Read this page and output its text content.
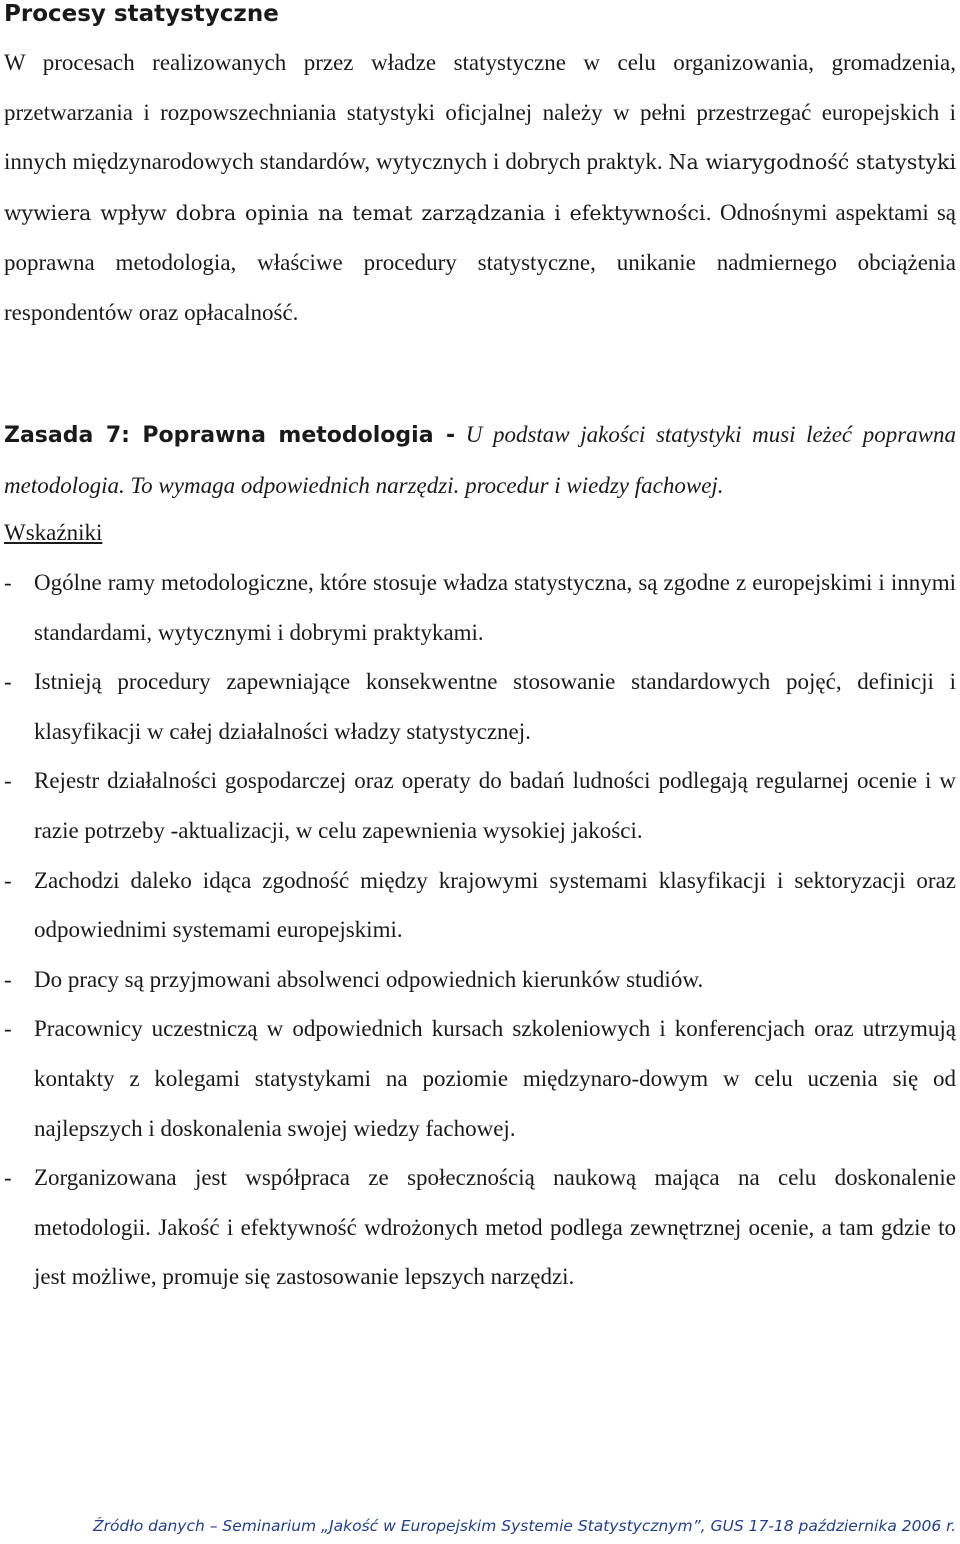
Procesy statystyczne

W procesach realizowanych przez władze statystyczne w celu organizowania, gromadzenia, przetwarzania i rozpowszechniania statystyki oficjalnej należy w pełni przestrzegać europejskich i innych międzynarodowych standardów, wytycznych i dobrych praktyk. Na wiarygodność statystyki wywiera wpływ dobra opinia na temat zarządzania i efektywności. Odnośnymi aspektami są poprawna metodologia, właściwe procedury statystyczne, unikanie nadmiernego obciążenia respondentów oraz opłacalność.

Zasada 7: Poprawna metodologia - U podstaw jakości statystyki musi leżeć poprawna metodologia. To wymaga odpowiednich narzędzi. procedur i wiedzy fachowej.

Wskaźniki

- Ogólne ramy metodologiczne, które stosuje władza statystyczna, są zgodne z europejskimi i innymi standardami, wytycznymi i dobrymi praktykami.
- Istnieją procedury zapewniające konsekwentne stosowanie standardowych pojęć, definicji i klasyfikacji w całej działalności władzy statystycznej.
- Rejestr działalności gospodarczej oraz operaty do badań ludności podlegają regularnej ocenie i w razie potrzeby -aktualizacji, w celu zapewnienia wysokiej jakości.
- Zachodzi daleko idąca zgodność między krajowymi systemami klasyfikacji i sektoryzacji oraz odpowiednimi systemami europejskimi.
- Do pracy są przyjmowani absolwenci odpowiednich kierunków studiów.
- Pracownicy uczestniczą w odpowiednich kursach szkoleniowych i konferencjach oraz utrzymują kontakty z kolegami statystykami na poziomie międzynaro-dowym w celu uczenia się od najlepszych i doskonalenia swojej wiedzy fachowej.
- Zorganizowana jest współpraca ze społecznością naukową mająca na celu doskonalenie metodologii. Jakość i efektywność wdrożonych metod podlega zewnętrznej ocenie, a tam gdzie to jest możliwe, promuje się zastosowanie lepszych narzędzi.

Źródło danych – Seminarium „Jakość w Europejskim Systemie Statystycznym”, GUS 17-18 października 2006 r.
